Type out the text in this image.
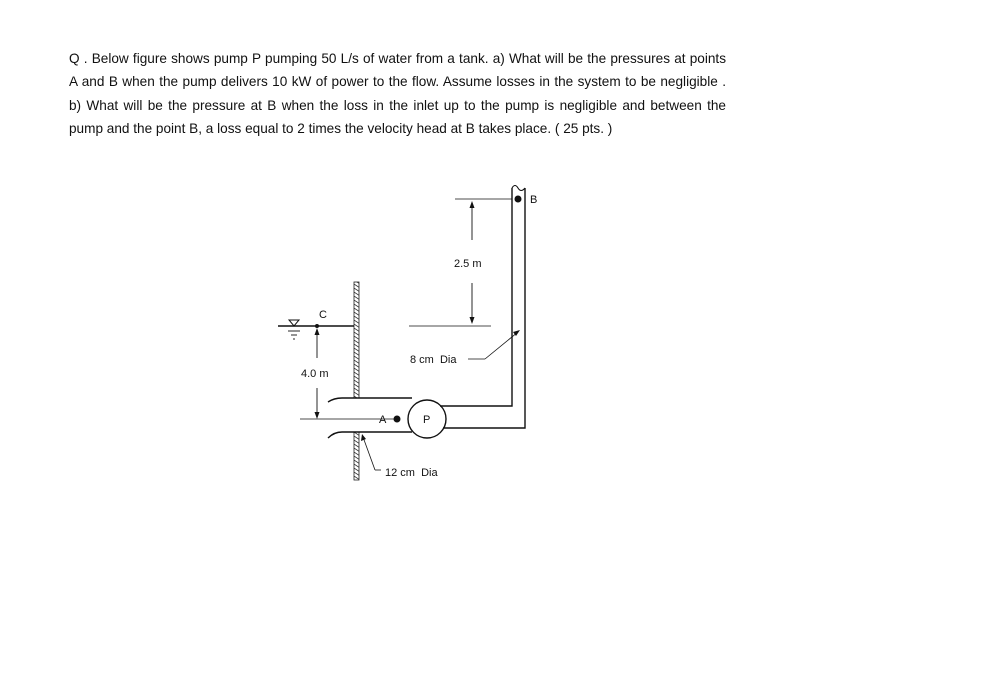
Q . Below figure shows pump P pumping 50 L/s of water from a tank. a) What will be the pressures at points A and B when the pump delivers 10 kW of power to the flow. Assume losses in the system to be negligible . b) What will be the pressure at B when the loss in the inlet up to the pump is negligible and between the pump and the point B, a loss equal to 2 times the velocity head at B takes place. ( 25 pts. )

C
4.0 m
A	P
B
2.5 m
8 cm  Dia
12 cm  Dia
